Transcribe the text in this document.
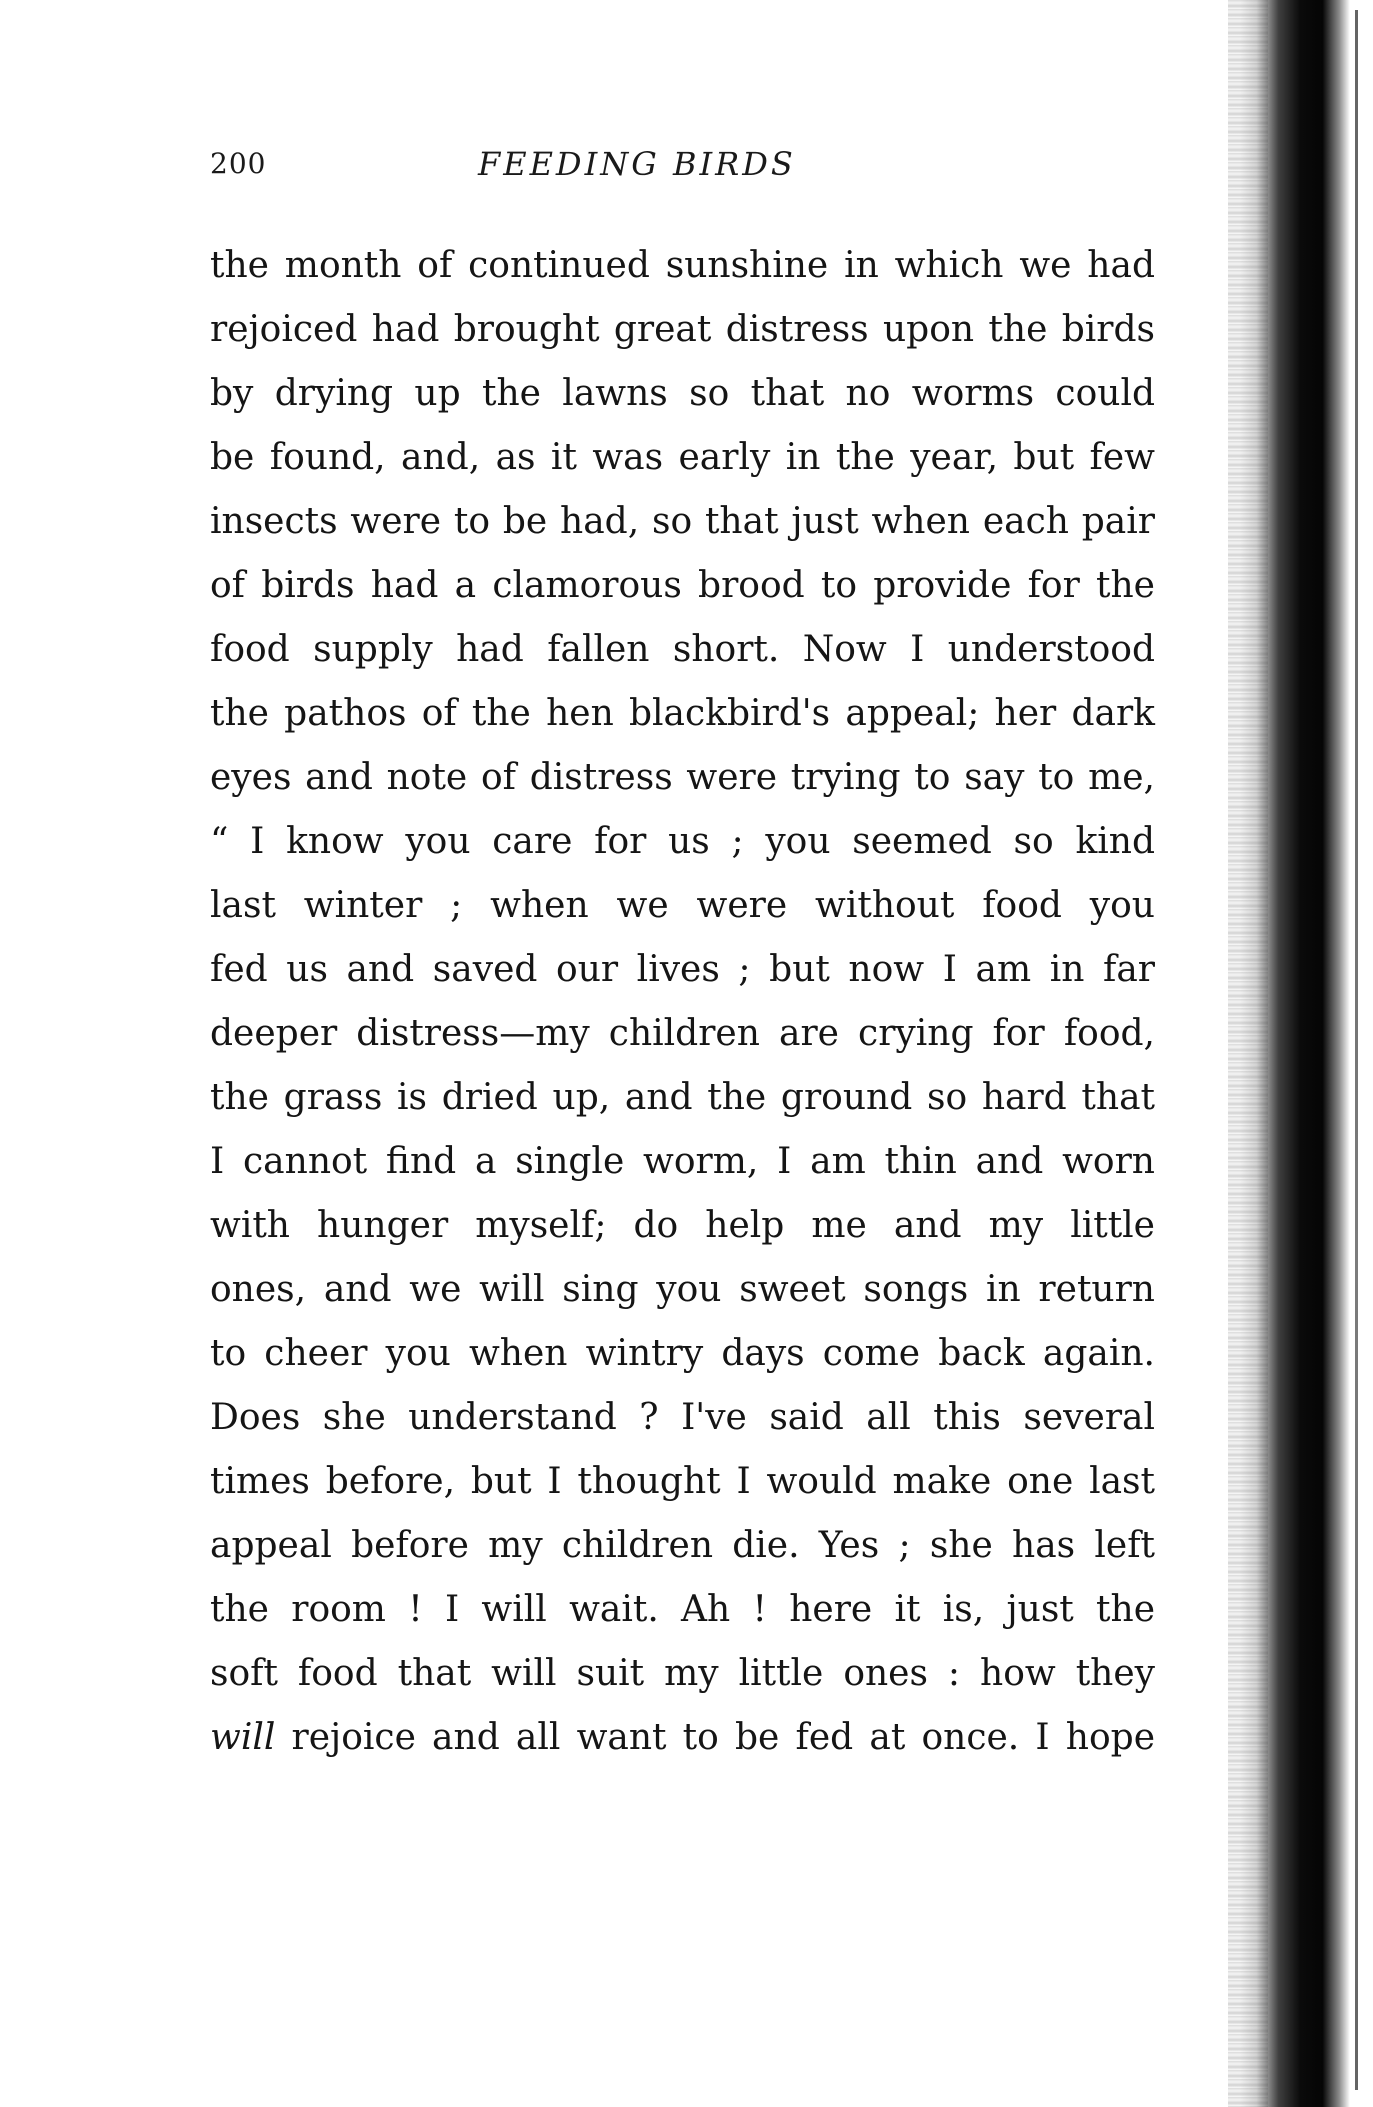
200	FEEDING BIRDS
the month of continued sunshine in which we had
rejoiced had brought great distress upon the birds
by drying up the lawns so that no worms could
be found, and, as it was early in the year, but few
insects were to be had, so that just when each pair
of birds had a clamorous brood to provide for the
food supply had fallen short. Now I understood
the pathos of the hen blackbird's appeal; her dark
eyes and note of distress were trying to say to me,
“ I know you care for us ; you seemed so kind
last winter ; when we were without food you
fed us and saved our lives ; but now I am in far
deeper distress—my children are crying for food,
the grass is dried up, and the ground so hard that
I cannot find a single worm, I am thin and worn
with hunger myself; do help me and my little
ones, and we will sing you sweet songs in return
to cheer you when wintry days come back again.
Does she understand ? I've said all this several
times before, but I thought I would make one last
appeal before my children die. Yes ; she has left
the room ! I will wait. Ah ! here it is, just the
soft food that will suit my little ones : how they
will rejoice and all want to be fed at once. I hope
